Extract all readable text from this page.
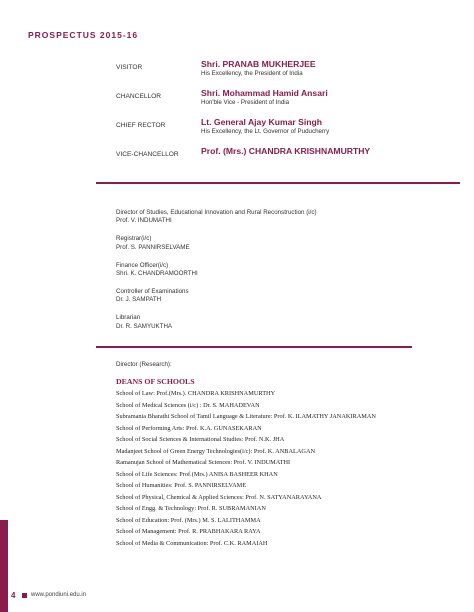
PROSPECTUS 2015-16
VISITOR	Shri. PRANAB MUKHERJEE
His Excellency, the President of India
CHANCELLOR	Shri. Mohammad Hamid Ansari
Hon'ble Vice - President of India
CHIEF RECTOR	Lt. General Ajay Kumar Singh
His Excellency, the Lt. Governor of Puducherry
VICE-CHANCELLOR	Prof. (Mrs.) CHANDRA KRISHNAMURTHY
Director of Studies, Educational Innovation and Rural Reconstruction (i/c)
Prof. V. INDUMATHI
Registrar(i/c)
Prof. S. PANNIRSELVAME
Finance Officer(i/c)
Shri. K. CHANDRAMOORTHI
Controller of Examinations
Dr. J. SAMPATH
Librarian
Dr. R. SAMYUKTHA
Director (Research):
DEANS OF SCHOOLS
School of Law: Prof.(Mrs.). CHANDRA KRISHNAMURTHY
School of Medical Sciences (i/c) : Dr. S. MAHADEVAN
Subramania Bharathi School of Tamil Language & Literature: Prof. K. ILAMATHY JANAKIRAMAN
School of Performing Arts: Prof. K.A. GUNASEKARAN
School of Social Sciences & International Studies: Prof. N.K. JHA
Madanjeet School of Green Energy Technologies(i/c): Prof. K. ANBALAGAN
Ramanujan School of Mathematical Sciences: Prof. V. INDUMATHI
School of Life Sciences: Prof.(Mrs.) ANISA BASHEER KHAN
School of Humanities: Prof. S. PANNIRSELVAME
School of Physical, Chemical & Applied Sciences: Prof. N. SATYANARAYANA
School of Engg. & Technology: Prof. R. SUBRAMANIAN
School of Education: Prof. (Mrs.) M. S. LALITHAMMA
School of Management: Prof. R. PRABHAKARA RAYA
School of Media & Communication: Prof. C.K. RAMAIAH
4	www.pondiuni.edu.in
